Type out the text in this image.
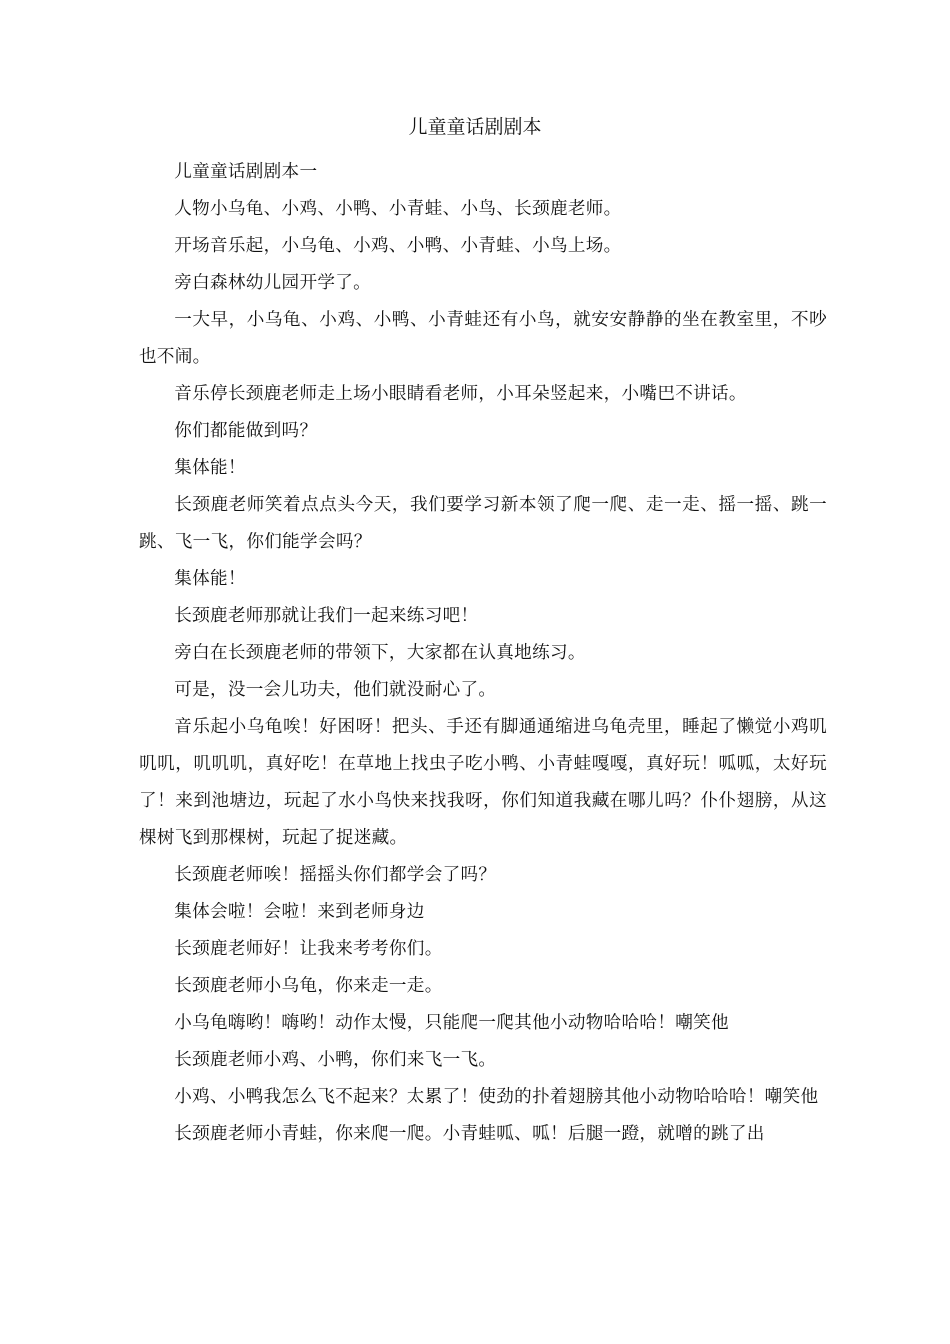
儿童童话剧剧本

儿童童话剧剧本一

人物小乌龟、小鸡、小鸭、小青蛙、小鸟、长颈鹿老师。

开场音乐起，小乌龟、小鸡、小鸭、小青蛙、小鸟上场。

旁白森林幼儿园开学了。

一大早，小乌龟、小鸡、小鸭、小青蛙还有小鸟，就安安静静的坐在教室里，不吵也不闹。

音乐停长颈鹿老师走上场小眼睛看老师，小耳朵竖起来，小嘴巴不讲话。

你们都能做到吗？

集体能！

长颈鹿老师笑着点点头今天，我们要学习新本领了爬一爬、走一走、摇一摇、跳一跳、飞一飞，你们能学会吗？

集体能！

长颈鹿老师那就让我们一起来练习吧！

旁白在长颈鹿老师的带领下，大家都在认真地练习。

可是，没一会儿功夫，他们就没耐心了。

音乐起小乌龟唉！好困呀！把头、手还有脚通通缩进乌龟壳里，睡起了懒觉小鸡叽叽叽，叽叽叽，真好吃！在草地上找虫子吃小鸭、小青蛙嘎嘎，真好玩！呱呱，太好玩了！来到池塘边，玩起了水小鸟快来找我呀，你们知道我藏在哪儿吗？仆仆翅膀，从这棵树飞到那棵树，玩起了捉迷藏。

长颈鹿老师唉！摇摇头你们都学会了吗？

集体会啦！会啦！来到老师身边

长颈鹿老师好！让我来考考你们。

长颈鹿老师小乌龟，你来走一走。

小乌龟嗨哟！嗨哟！动作太慢，只能爬一爬其他小动物哈哈哈！嘲笑他

长颈鹿老师小鸡、小鸭，你们来飞一飞。

小鸡、小鸭我怎么飞不起来？太累了！使劲的扑着翅膀其他小动物哈哈哈！嘲笑他

长颈鹿老师小青蛙，你来爬一爬。小青蛙呱、呱！后腿一蹬，就噌的跳了出
